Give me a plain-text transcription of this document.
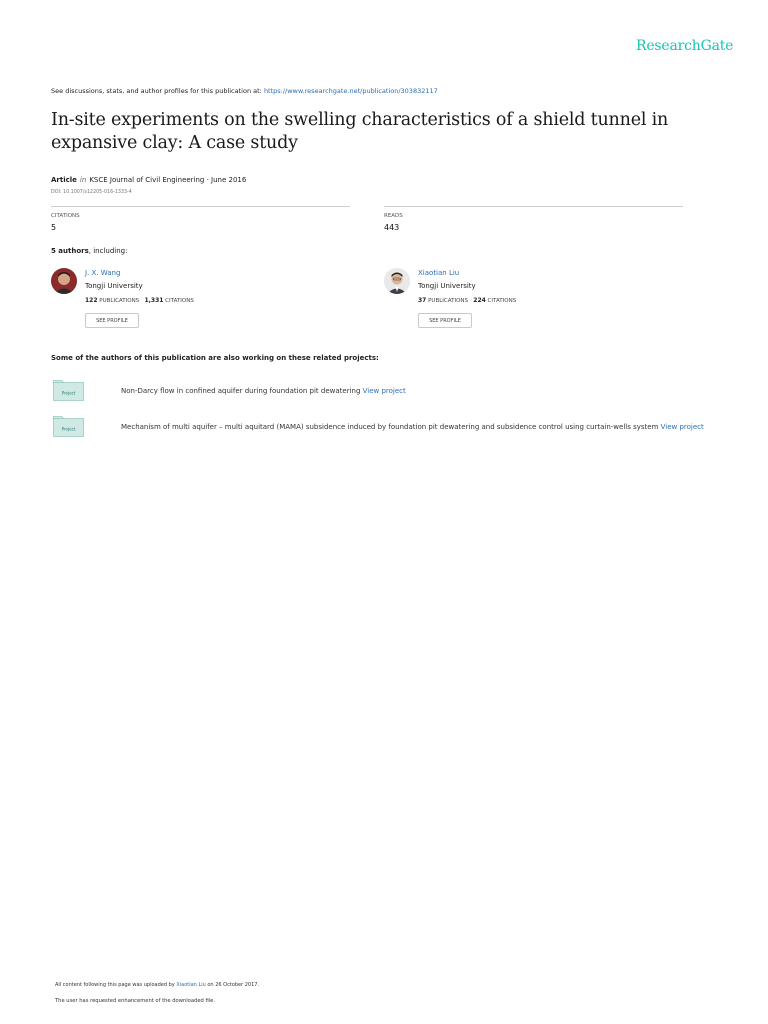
ResearchGate
See discussions, stats, and author profiles for this publication at: https://www.researchgate.net/publication/303832117
In-site experiments on the swelling characteristics of a shield tunnel in expansive clay: A case study
Article in KSCE Journal of Civil Engineering · June 2016
DOI: 10.1007/s12205-016-1333-4
CITATIONS
5
READS
443
5 authors, including:
J. X. Wang
Tongji University
122 PUBLICATIONS 1,331 CITATIONS
SEE PROFILE
Xiaotian Liu
Tongji University
37 PUBLICATIONS 224 CITATIONS
SEE PROFILE
Some of the authors of this publication are also working on these related projects:
Project	Non-Darcy flow in confined aquifer during foundation pit dewatering View project
Project	Mechanism of multi aquifer – multi aquitard (MAMA) subsidence induced by foundation pit dewatering and subsidence control using curtain-wells system View project
All content following this page was uploaded by Xiaotian Liu on 26 October 2017.
The user has requested enhancement of the downloaded file.
